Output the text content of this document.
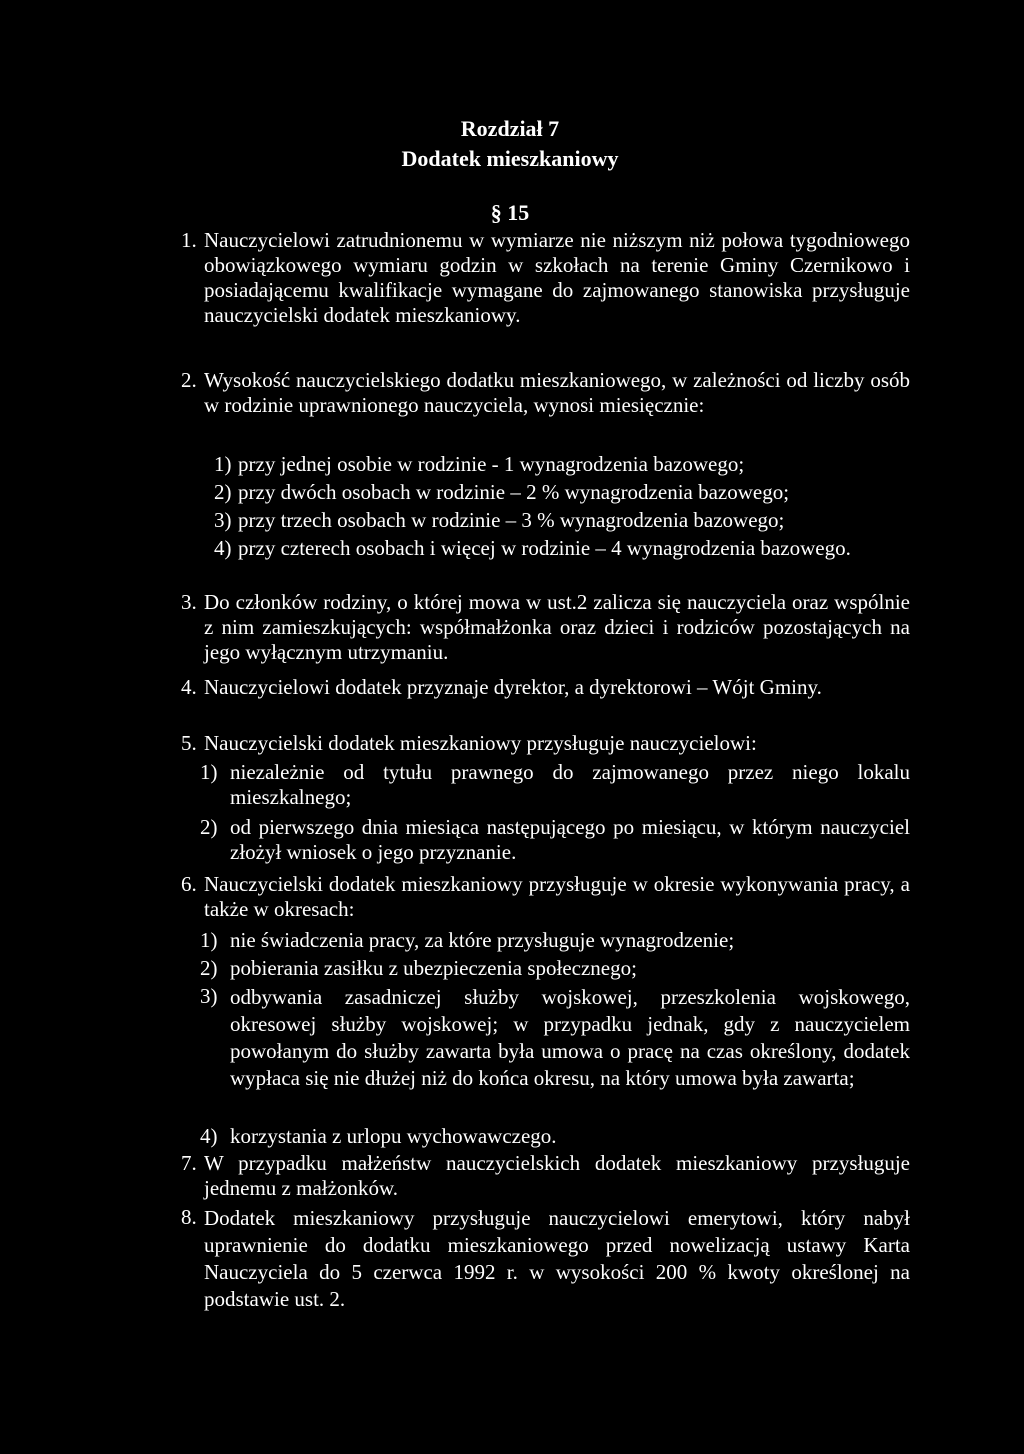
Rozdział 7
Dodatek mieszkaniowy
§ 15
1. Nauczycielowi zatrudnionemu w wymiarze nie niższym niż połowa tygodniowego obowiązkowego wymiaru godzin w szkołach na terenie Gminy Czernikowo i posiadającemu kwalifikacje wymagane do zajmowanego stanowiska przysługuje nauczycielski dodatek mieszkaniowy.
2. Wysokość nauczycielskiego dodatku mieszkaniowego, w zależności od liczby osób w rodzinie uprawnionego nauczyciela, wynosi miesięcznie:
1) przy jednej osobie w rodzinie - 1 wynagrodzenia bazowego;
2) przy dwóch osobach w rodzinie – 2 % wynagrodzenia bazowego;
3) przy trzech osobach w rodzinie – 3 % wynagrodzenia bazowego;
4) przy czterech osobach i więcej w rodzinie – 4 wynagrodzenia bazowego.
3. Do członków rodziny, o której mowa w ust.2 zalicza się nauczyciela oraz wspólnie z nim zamieszkujących: współmałżonka oraz dzieci i rodziców pozostających na jego wyłącznym utrzymaniu.
4. Nauczycielowi dodatek przyznaje dyrektor, a dyrektorowi – Wójt Gminy.
5. Nauczycielski dodatek mieszkaniowy przysługuje nauczycielowi:
1) niezależnie od tytułu prawnego do zajmowanego przez niego lokalu mieszkalnego;
2) od pierwszego dnia miesiąca następującego po miesiącu, w którym nauczyciel złożył wniosek o jego przyznanie.
6. Nauczycielski dodatek mieszkaniowy przysługuje w okresie wykonywania pracy, a także w okresach:
1) nie świadczenia pracy, za które przysługuje wynagrodzenie;
2) pobierania zasiłku z ubezpieczenia społecznego;
3) odbywania zasadniczej służby wojskowej, przeszkolenia wojskowego, okresowej służby wojskowej; w przypadku jednak, gdy z nauczycielem powołanym do służby zawarta była umowa o pracę na czas określony, dodatek wypłaca się nie dłużej niż do końca okresu, na który umowa była zawarta;
4) korzystania z urlopu wychowawczego.
7. W przypadku małżeństw nauczycielskich dodatek mieszkaniowy przysługuje jednemu z małżonków.
8. Dodatek mieszkaniowy przysługuje nauczycielowi emerytowi, który nabył uprawnienie do dodatku mieszkaniowego przed nowelizacją ustawy Karta Nauczyciela do 5 czerwca 1992 r. w wysokości 200 % kwoty określonej na podstawie ust. 2.
